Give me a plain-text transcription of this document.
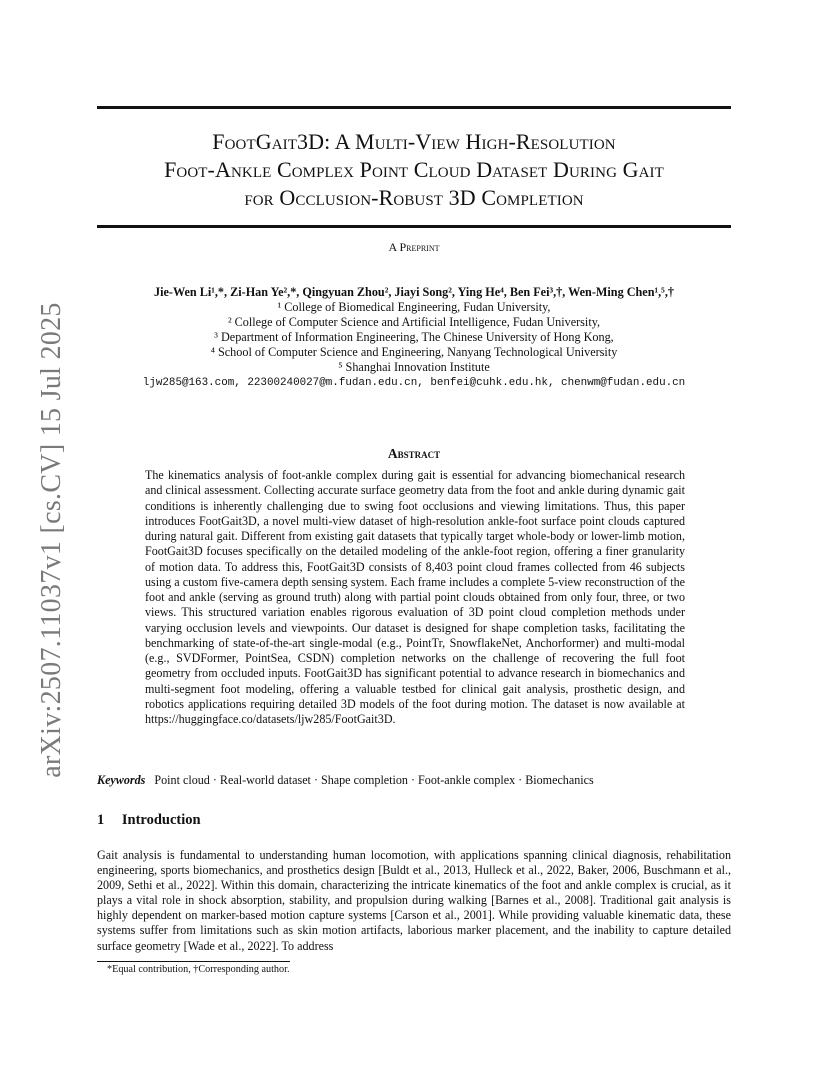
arXiv:2507.11037v1 [cs.CV] 15 Jul 2025
FootGait3D: A Multi-View High-Resolution
Foot-Ankle Complex Point Cloud Dataset During Gait
for Occlusion-Robust 3D Completion
A Preprint
Jie-Wen Li¹,*, Zi-Han Ye²,*, Qingyuan Zhou², Jiayi Song², Ying He⁴, Ben Fei³,†, Wen-Ming Chen¹,⁵,†
¹ College of Biomedical Engineering, Fudan University,
² College of Computer Science and Artificial Intelligence, Fudan University,
³ Department of Information Engineering, The Chinese University of Hong Kong,
⁴ School of Computer Science and Engineering, Nanyang Technological University
⁵ Shanghai Innovation Institute
ljw285@163.com, 22300240027@m.fudan.edu.cn, benfei@cuhk.edu.hk, chenwm@fudan.edu.cn
Abstract
The kinematics analysis of foot-ankle complex during gait is essential for advancing biomechanical research and clinical assessment. Collecting accurate surface geometry data from the foot and ankle during dynamic gait conditions is inherently challenging due to swing foot occlusions and viewing limitations. Thus, this paper introduces FootGait3D, a novel multi-view dataset of high-resolution ankle-foot surface point clouds captured during natural gait. Different from existing gait datasets that typically target whole-body or lower-limb motion, FootGait3D focuses specifically on the detailed modeling of the ankle-foot region, offering a finer granularity of motion data. To address this, FootGait3D consists of 8,403 point cloud frames collected from 46 subjects using a custom five-camera depth sensing system. Each frame includes a complete 5-view reconstruction of the foot and ankle (serving as ground truth) along with partial point clouds obtained from only four, three, or two views. This structured variation enables rigorous evaluation of 3D point cloud completion methods under varying occlusion levels and viewpoints. Our dataset is designed for shape completion tasks, facilitating the benchmarking of state-of-the-art single-modal (e.g., PointTr, SnowflakeNet, Anchorformer) and multi-modal (e.g., SVDFormer, PointSea, CSDN) completion networks on the challenge of recovering the full foot geometry from occluded inputs. FootGait3D has significant potential to advance research in biomechanics and multi-segment foot modeling, offering a valuable testbed for clinical gait analysis, prosthetic design, and robotics applications requiring detailed 3D models of the foot during motion. The dataset is now available at https://huggingface.co/datasets/ljw285/FootGait3D.
Keywords Point cloud · Real-world dataset · Shape completion · Foot-ankle complex · Biomechanics
1 Introduction
Gait analysis is fundamental to understanding human locomotion, with applications spanning clinical diagnosis, rehabilitation engineering, sports biomechanics, and prosthetics design [Buldt et al., 2013, Hulleck et al., 2022, Baker, 2006, Buschmann et al., 2009, Sethi et al., 2022]. Within this domain, characterizing the intricate kinematics of the foot and ankle complex is crucial, as it plays a vital role in shock absorption, stability, and propulsion during walking [Barnes et al., 2008]. Traditional gait analysis is highly dependent on marker-based motion capture systems [Carson et al., 2001]. While providing valuable kinematic data, these systems suffer from limitations such as skin motion artifacts, laborious marker placement, and the inability to capture detailed surface geometry [Wade et al., 2022]. To address
*Equal contribution, †Corresponding author.
